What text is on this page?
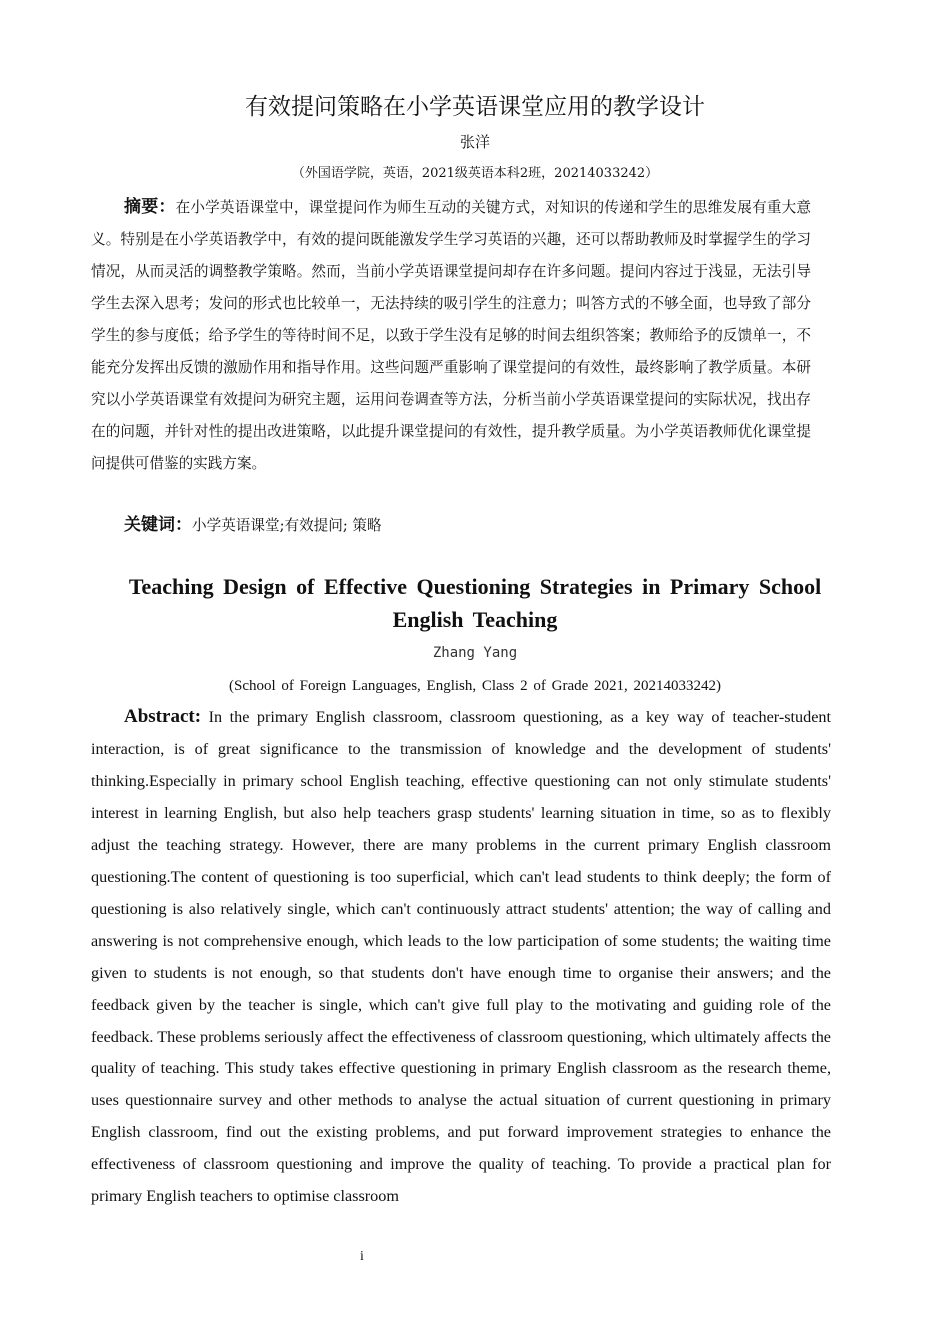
有效提问策略在小学英语课堂应用的教学设计
张洋
（外国语学院，英语，2021级英语本科2班，20214033242）

摘要：在小学英语课堂中，课堂提问作为师生互动的关键方式，对知识的传递和学生的思维发展有重大意义。特别是在小学英语教学中，有效的提问既能激发学生学习英语的兴趣，还可以帮助教师及时掌握学生的学习情况，从而灵活的调整教学策略。然而，当前小学英语课堂提问却存在许多问题。提问内容过于浅显，无法引导学生去深入思考；发问的形式也比较单一，无法持续的吸引学生的注意力；叫答方式的不够全面，也导致了部分学生的参与度低；给予学生的等待时间不足，以致于学生没有足够的时间去组织答案；教师给予的反馈单一，不能充分发挥出反馈的激励作用和指导作用。这些问题严重影响了课堂提问的有效性，最终影响了教学质量。本研究以小学英语课堂有效提问为研究主题，运用问卷调查等方法，分析当前小学英语课堂提问的实际状况，找出存在的问题，并针对性的提出改进策略，以此提升课堂提问的有效性，提升教学质量。为小学英语教师优化课堂提问提供可借鉴的实践方案。

关键词：小学英语课堂;有效提问; 策略

Teaching Design of Effective Questioning Strategies in Primary School English Teaching
Zhang Yang
(School of Foreign Languages, English, Class 2 of Grade 2021, 20214033242)

Abstract: In the primary English classroom, classroom questioning, as a key way of teacher-student interaction, is of great significance to the transmission of knowledge and the development of students' thinking.Especially in primary school English teaching, effective questioning can not only stimulate students' interest in learning English, but also help teachers grasp students' learning situation in time, so as to flexibly adjust the teaching strategy. However, there are many problems in the current primary English classroom questioning.The content of questioning is too superficial, which can't lead students to think deeply; the form of questioning is also relatively single, which can't continuously attract students' attention; the way of calling and answering is not comprehensive enough, which leads to the low participation of some students; the waiting time given to students is not enough, so that students don't have enough time to organise their answers; and the feedback given by the teacher is single, which can't give full play to the motivating and guiding role of the feedback. These problems seriously affect the effectiveness of classroom questioning, which ultimately affects the quality of teaching. This study takes effective questioning in primary English classroom as the research theme, uses questionnaire survey and other methods to analyse the actual situation of current questioning in primary English classroom, find out the existing problems, and put forward improvement strategies to enhance the effectiveness of classroom questioning and improve the quality of teaching. To provide a practical plan for primary English teachers to optimise classroom

i
